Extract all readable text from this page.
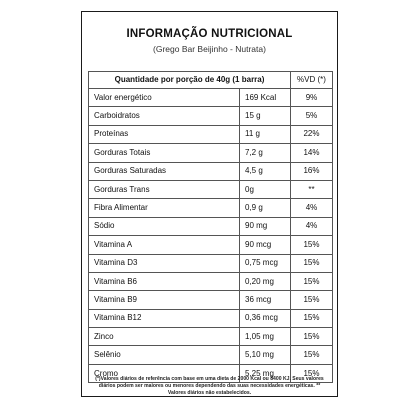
INFORMAÇÃO NUTRICIONAL
(Grego Bar Beijinho - Nutrata)
Quantidade por porção de 40g (1 barra)		%VD (*)
Valor energético	169 Kcal	9%
Carboidratos	15 g	5%
Proteínas	11 g	22%
Gorduras Totais	7,2 g	14%
Gorduras Saturadas	4,5 g	16%
Gorduras Trans	0g	**
Fibra Alimentar	0,9 g	4%
Sódio	90 mg	4%
Vitamina A	90 mcg	15%
Vitamina D3	0,75 mcg	15%
Vitamina B6	0,20 mg	15%
Vitamina B9	36 mcg	15%
Vitamina B12	0,36 mcg	15%
Zinco	1,05 mg	15%
Selênio	5,10 mg	15%
Cromo	5,25 mg	15%
(*)Valores diários de referência com base em uma dieta de 2000 Kcal ou 8400 KJ. Seus valores
diários podem ser maiores ou menores dependendo das suas necessidades energéticas. **
Valores diários não estabelecidos.
